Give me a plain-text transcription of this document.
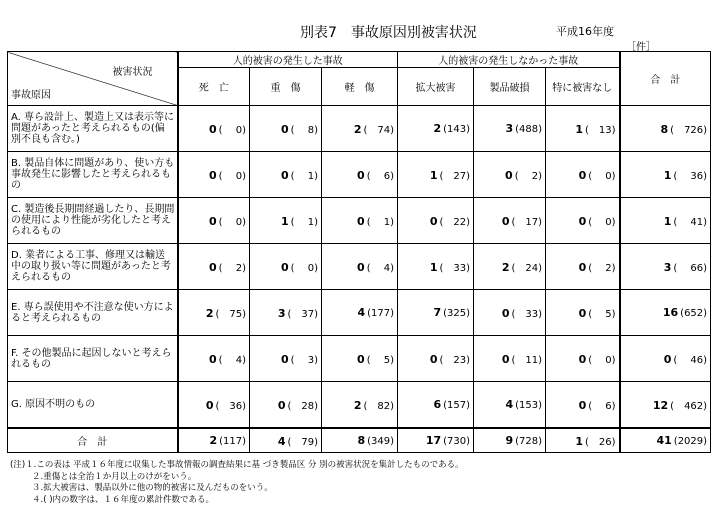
別表7　事故原因別被害状況	平成16年度
［件］
被害状況
事故原因	人的被害の発生した事故			人的被害の発生しなかった事故			合　計
	死　亡	重　傷	軽　傷	拡大被害	製品破損	特に被害なし	
A. 専ら設計上、製造上又は表示等に問題があったと考えられるもの(偏別不良も含む。)	0 (　 0)	0 (　 8)	2 (　74)	2 (143)	3 (488)	1 (　13)	8 (　726)

B. 製品自体に問題があり、使い方も事故発生に影響したと考えられるもの	0 (　 0)	0 (　 1)	0 (　 6)	1 (　27)	0 (　 2)	0 (　 0)	1 (　 36)

C. 製造後長期間経過したり、長期間の使用により性能が劣化したと考えられるもの	0 (　 0)	1 (　 1)	0 (　 1)	0 (　22)	0 (　17)	0 (　 0)	1 (　 41)

D. 業者による工事、修理又は輸送中の取り扱い等に問題があったと考えられるもの	0 (　 2)	0 (　 0)	0 (　 4)	1 (　33)	2 (　24)	0 (　 2)	3 (　 66)

E. 専ら誤使用や不注意な使い方によると考えられるもの	2 (　75)	3 (　37)	4 (177)	7 (325)	0 (　33)	0 (　 5)	16 (652)

F. その他製品に起因しないと考えられるもの	0 (　 4)	0 (　 3)	0 (　 5)	0 (　23)	0 (　11)	0 (　 0)	0 (　 46)

G. 原因不明のもの	0 (　36)	0 (　28)	2 (　82)	6 (157)	4 (153)	0 (　 6)	12 (　462)

合　計	2 (117)	4 (　79)	8 (349)	17 (730)	9 (728)	1 (　26)	41 (2029)
(注)１.この表は 平成１６年度に収集した事故情報の調査結果に基 づき製品区 分 別の被害状況を集計したものである。
２.重傷とは全治１か月以上のけがをいう。
３.拡大被害は、製品以外に他の物的被害に及んだものをいう。
４.( )内の数字は、１６年度の累計件数である。
